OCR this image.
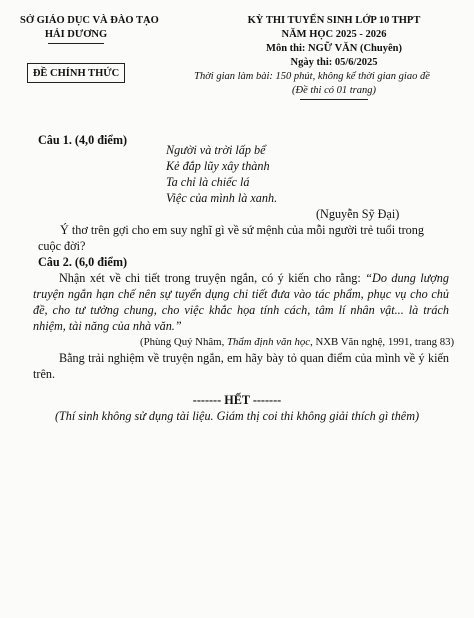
SỞ GIÁO DỤC VÀ ĐÀO TẠO
HẢI DƯƠNG
ĐỀ CHÍNH THỨC
KỲ THI TUYỂN SINH LỚP 10 THPT
NĂM HỌC 2025 - 2026
Môn thi: NGỮ VĂN (Chuyên)
Ngày thi: 05/6/2025
Thời gian làm bài: 150 phút, không kể thời gian giao đề
(Đề thi có 01 trang)
Câu 1. (4,0 điểm)
Người và trời lấp bể
Kẻ đắp lũy xây thành
Ta chỉ là chiếc lá
Việc của mình là xanh.
(Nguyễn Sỹ Đại)
Ý thơ trên gợi cho em suy nghĩ gì về sứ mệnh của mỗi người trẻ tuổi trong
cuộc đời?
Câu 2. (6,0 điểm)
Nhận xét về chi tiết trong truyện ngắn, có ý kiến cho rằng: “Do dung lượng truyện ngắn hạn chế nên sự tuyển dụng chi tiết đưa vào tác phẩm, phục vụ cho chủ đề, cho tư tưởng chung, cho việc khắc họa tính cách, tâm lí nhân vật... là trách nhiệm, tài năng của nhà văn.”
(Phùng Quý Nhâm, Thẩm định văn học, NXB Văn nghệ, 1991, trang 83)
Bằng trải nghiệm về truyện ngắn, em hãy bày tỏ quan điểm của mình về ý kiến trên.
------- HẾT -------
(Thí sinh không sử dụng tài liệu. Giám thị coi thi không giải thích gì thêm)
